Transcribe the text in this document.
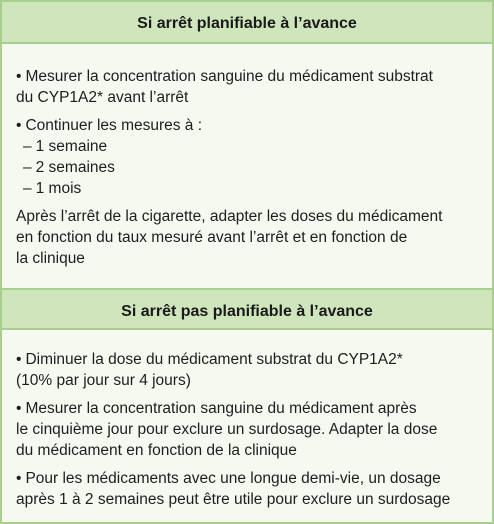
Si arrêt planifiable à l’avance
• Mesurer la concentration sanguine du médicament substrat
du CYP1A2* avant l’arrêt
• Continuer les mesures à :
– 1 semaine
– 2 semaines
– 1 mois
Après l’arrêt de la cigarette, adapter les doses du médicament
en fonction du taux mesuré avant l’arrêt et en fonction de
la clinique
Si arrêt pas planifiable à l’avance
• Diminuer la dose du médicament substrat du CYP1A2*
(10% par jour sur 4 jours)
• Mesurer la concentration sanguine du médicament après
le cinquième jour pour exclure un surdosage. Adapter la dose
du médicament en fonction de la clinique
• Pour les médicaments avec une longue demi-vie, un dosage
après 1 à 2 semaines peut être utile pour exclure un surdosage
